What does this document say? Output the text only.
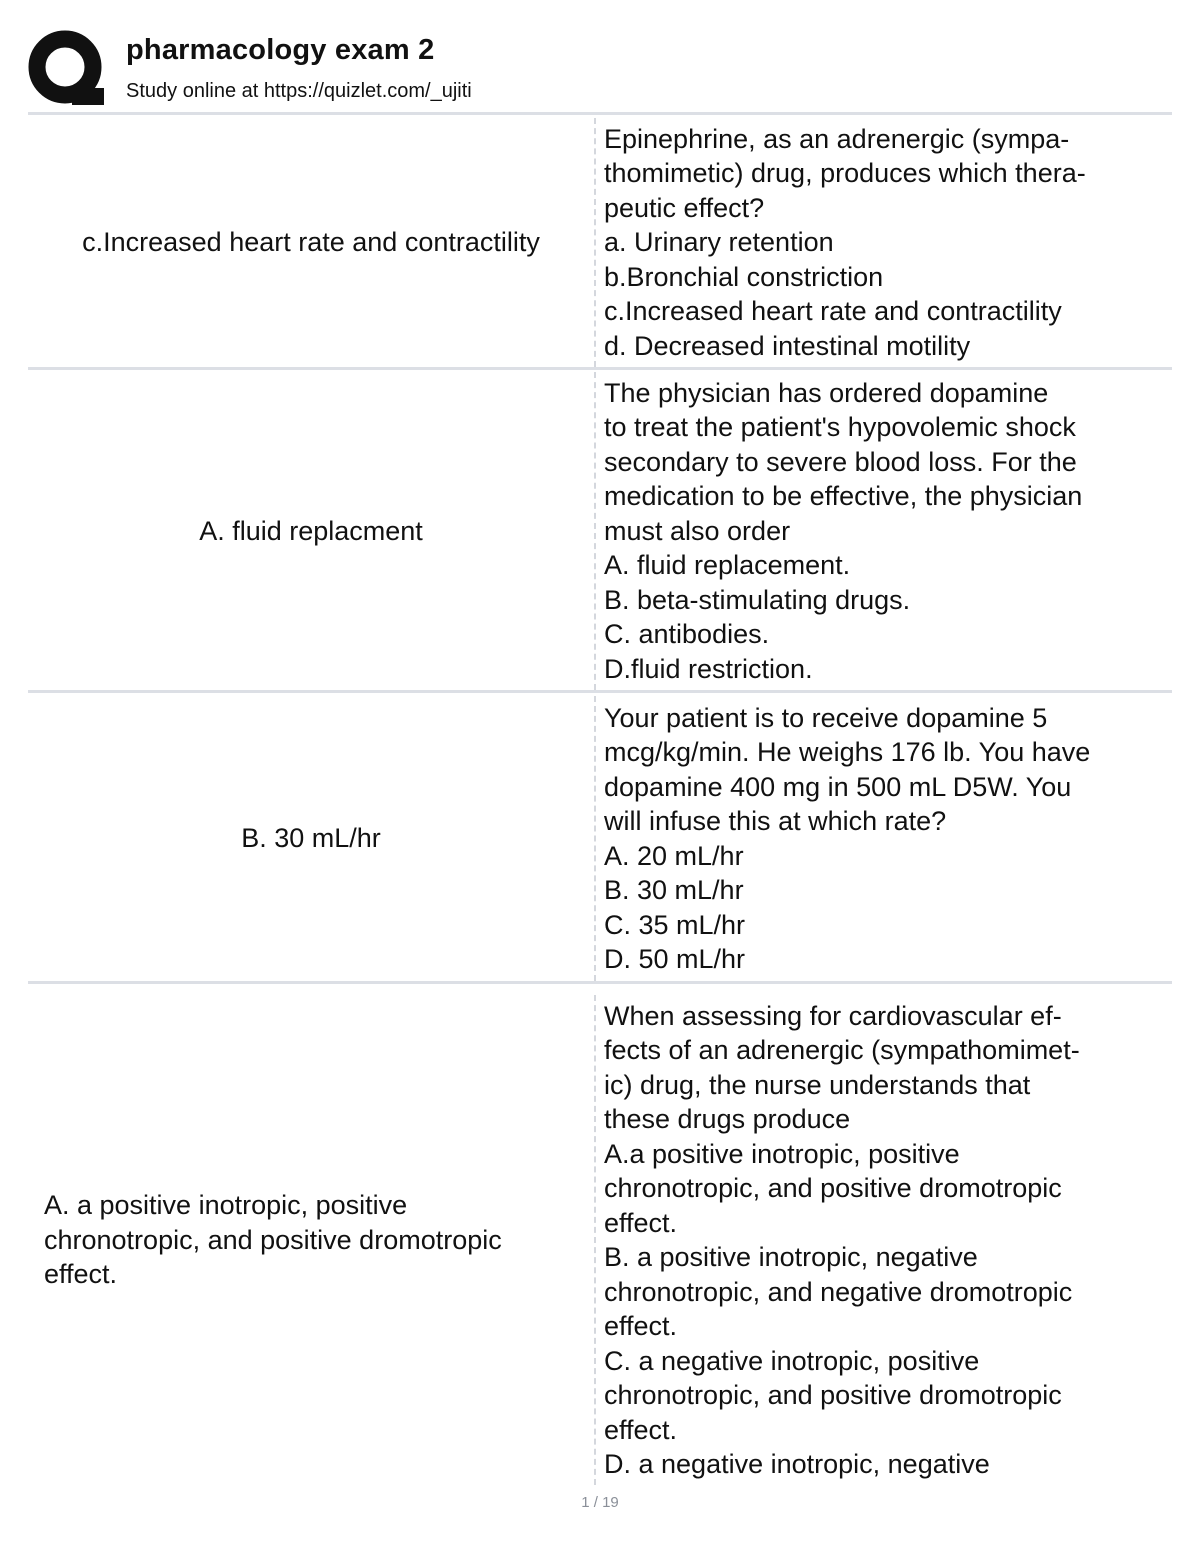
pharmacology exam 2
Study online at https://quizlet.com/_ujiti
c.Increased heart rate and contractility
Epinephrine, as an adrenergic (sympa-
thomimetic) drug, produces which thera-
peutic effect?
a. Urinary retention
b.Bronchial constriction
c.Increased heart rate and contractility
d. Decreased intestinal motility
A. fluid replacment
The physician has ordered dopamine
to treat the patient's hypovolemic shock
secondary to severe blood loss. For the
medication to be effective, the physician
must also order
A. fluid replacement.
B. beta-stimulating drugs.
C. antibodies.
D.fluid restriction.
B. 30 mL/hr
Your patient is to receive dopamine 5
mcg/kg/min. He weighs 176 lb. You have
dopamine 400 mg in 500 mL D5W. You
will infuse this at which rate?
A. 20 mL/hr
B. 30 mL/hr
C. 35 mL/hr
D. 50 mL/hr
A. a positive inotropic, positive
chronotropic, and positive dromotropic
effect.
When assessing for cardiovascular ef-
fects of an adrenergic (sympathomimet-
ic) drug, the nurse understands that
these drugs produce
A.a positive inotropic, positive
chronotropic, and positive dromotropic
effect.
B. a positive inotropic, negative
chronotropic, and negative dromotropic
effect.
C. a negative inotropic, positive
chronotropic, and positive dromotropic
effect.
D. a negative inotropic, negative
1 / 19
